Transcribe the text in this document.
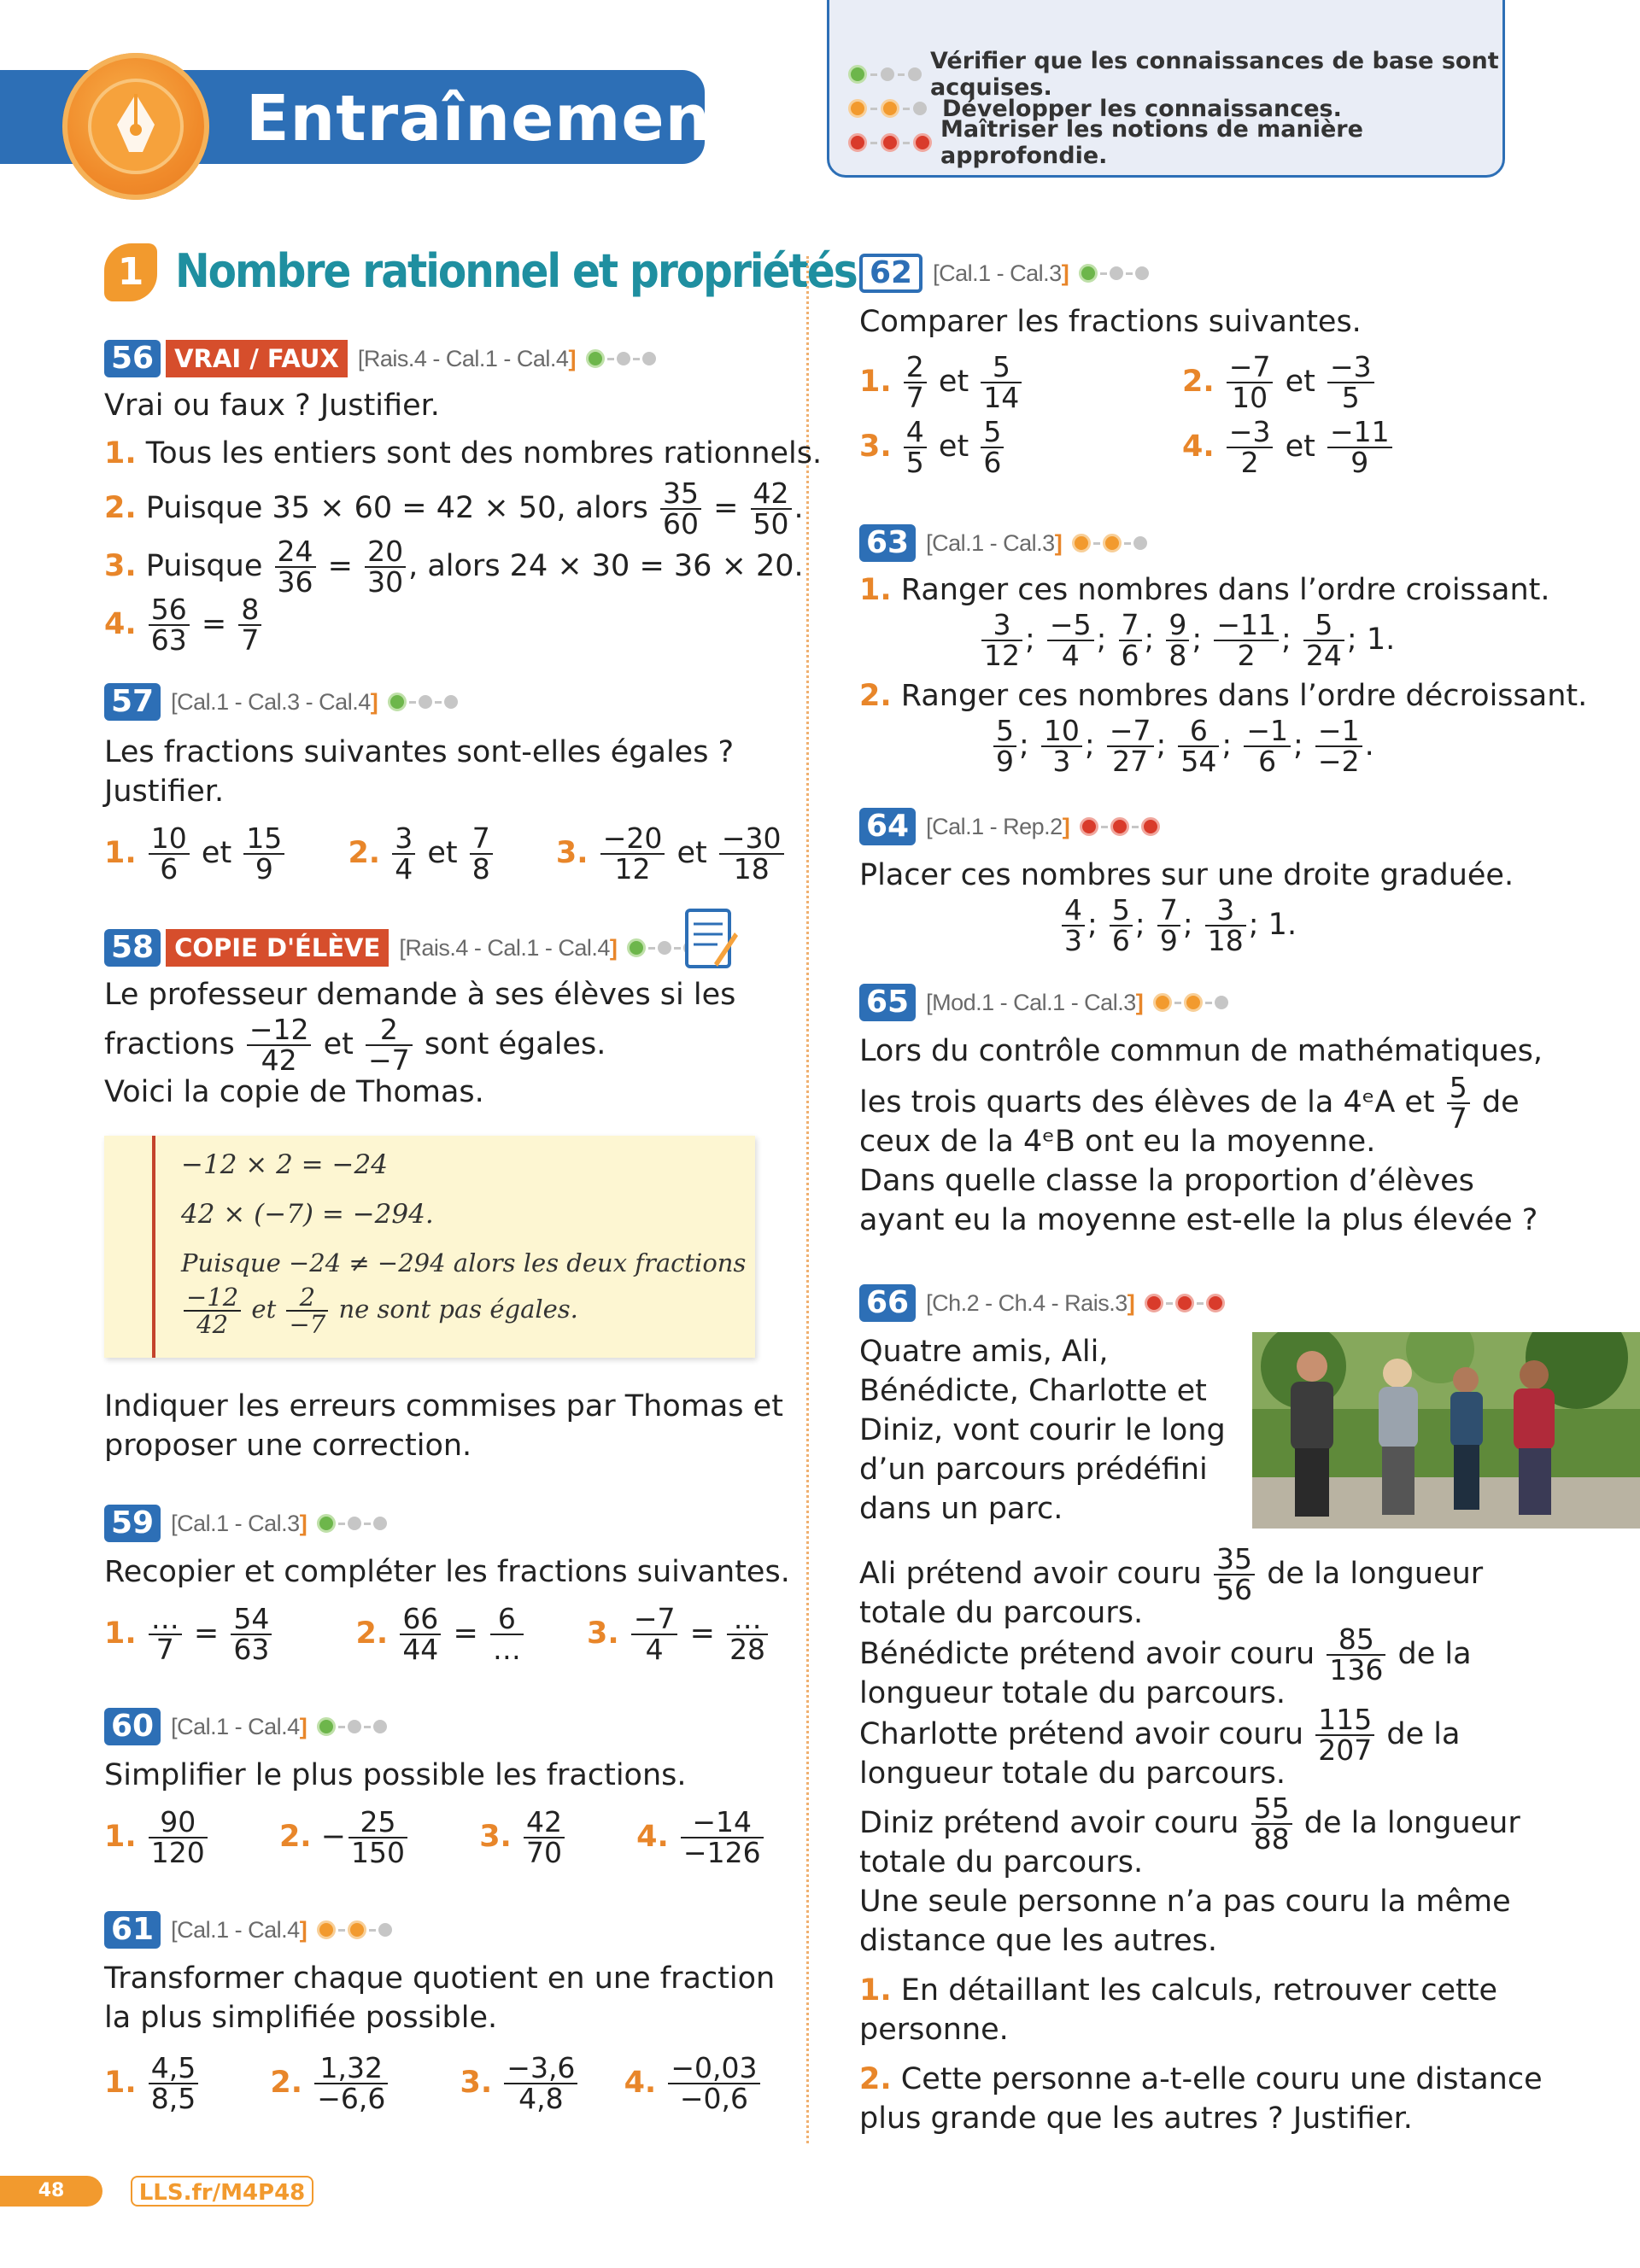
Entraînement
Vérifier que les connaissances de base sont acquises.
Développer les connaissances.
Maîtriser les notions de manière approfondie.
1 Nombre rationnel et propriétés
56 VRAI / FAUX [Rais.4 - Cal.1 - Cal.4]
Vrai ou faux ? Justifier.
1. Tous les entiers sont des nombres rationnels.
2. Puisque 35 × 60 = 42 × 50, alors $\frac{35}{60} = \frac{42}{50}$ .
3. Puisque $\frac{24}{36} = \frac{20}{30}$ , alors 24 × 30 = 36 × 20.
4. $\frac{56}{63} = \frac{8}{7}$
57 [Cal.1 - Cal.3 - Cal.4]
Les fractions suivantes sont-elles égales ?
Justifier.
1. $\frac{10}{6}$ et $\frac{15}{9} 2$. $\frac{3}{4}$ et $\frac{7}{8} 3$. $\frac{-20}{12}$ et $\frac{-30}{18}$
58 COPIE D'ÉLÈVE [Rais.4 - Cal.1 - Cal.4]
Le professeur demande à ses élèves si les
fractions $\frac{-12}{42}$ et $\frac{2}{-7}$ sont égales.
Voici la copie de Thomas.
−12 × 2 = −24
42 × (−7) = −294.
Puisque −24 ≠ −294 alors les deux fractions
$\frac{-12}{42}$ et $\frac{2}{-7}$ ne sont pas égales.
Indiquer les erreurs commises par Thomas et
proposer une correction.
59 [Cal.1 - Cal.3]
Recopier et compléter les fractions suivantes.
1. $\frac{\dots}{7} = \frac{54}{63}$	2. $\frac{66}{44} = \frac{6}{\dots} 3$. $\frac{-7}{4} = \frac{\dots}{28}$
60 [Cal.1 - Cal.4]
Simplifier le plus possible les fractions.
1. $\frac{90}{120} 2$. − $\frac{25}{150} 3$. $\frac{42}{70} 4$. $\frac{-14}{-126}$
61 [Cal.1 - Cal.4]
Transformer chaque quotient en une fraction
la plus simplifiée possible.
1. $\frac{4,5}{8,5} 2$. $\frac{1,32}{-6,6} 3$. $\frac{-3,6}{4,8} 4$. $\frac{-0,03}{-0,6}$
62 [Cal.1 - Cal.3]
Comparer les fractions suivantes.
1. $\frac{2}{7}$ et $\frac{5}{14}$	2. $\frac{-7}{10}$ et $\frac{-3}{5}$
3. $\frac{4}{5}$ et $\frac{5}{6}$	4. $\frac{-3}{2}$ et $\frac{-11}{9}$
63 [Cal.1 - Cal.3]
1. Ranger ces nombres dans l’ordre croissant.
$\frac{3}{12}$ ; $\frac{-5}{4}$ ; $\frac{7}{6}$ ; $\frac{9}{8}$ ; $\frac{-11}{2}$ ; $\frac{5}{24}$ ; 1.
2. Ranger ces nombres dans l’ordre décroissant.
$\frac{5}{9}$ ; $\frac{10}{3}$ ; $\frac{-7}{27}$ ; $\frac{6}{54}$ ; $\frac{-1}{6}$ ; $\frac{-1}{-2}$ .
64 [Cal.1 - Rep.2]
Placer ces nombres sur une droite graduée.
$\frac{4}{3}$ ; $\frac{5}{6}$ ; $\frac{7}{9}$ ; $\frac{3}{18}$ ; 1.
65 [Mod.1 - Cal.1 - Cal.3]
Lors du contrôle commun de mathématiques,
les trois quarts des élèves de la 4ᵉA et $\frac{5}{7}$ de
ceux de la 4ᵉB ont eu la moyenne.
Dans quelle classe la proportion d’élèves
ayant eu la moyenne est-elle la plus élevée ?
66 [Ch.2 - Ch.4 - Rais.3]
Quatre amis, Ali,
Bénédicte, Charlotte et
Diniz, vont courir le long
d’un parcours prédéfini
dans un parc.
Ali prétend avoir couru $\frac{35}{56}$ de la longueur
totale du parcours.
Bénédicte prétend avoir couru $\frac{85}{136}$ de la
longueur totale du parcours.
Charlotte prétend avoir couru $\frac{115}{207}$ de la
longueur totale du parcours.
Diniz prétend avoir couru $\frac{55}{88}$ de la longueur
totale du parcours.
Une seule personne n’a pas couru la même
distance que les autres.
1. En détaillant les calculs, retrouver cette
personne.
2. Cette personne a-t-elle couru une distance
plus grande que les autres ? Justifier.
48	LLS.fr/M4P48
